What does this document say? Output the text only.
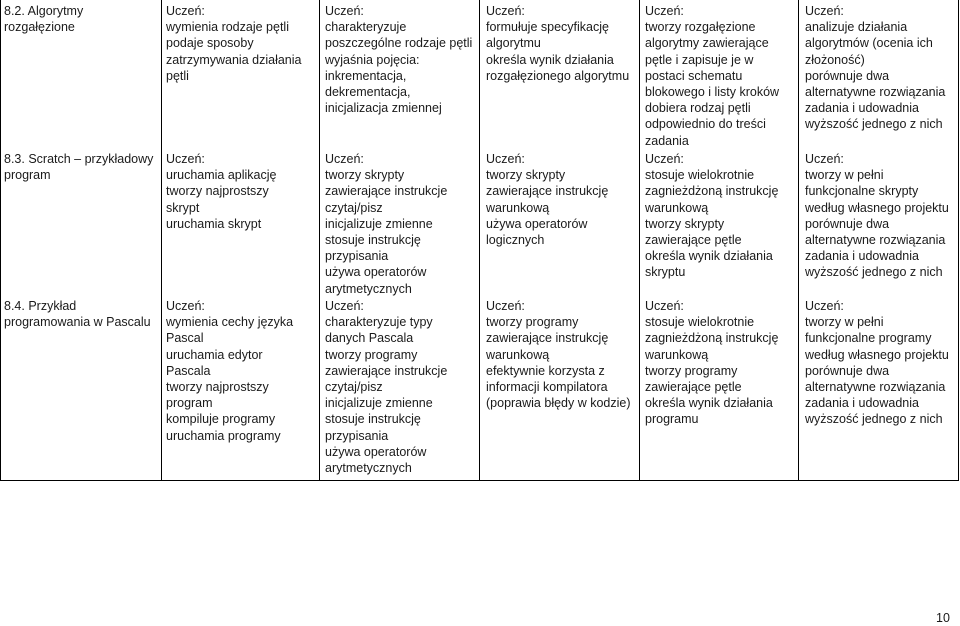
8.2. Algorytmy
rozgałęzione
Uczeń:
wymienia rodzaje pętli
podaje sposoby
zatrzymywania działania
pętli
Uczeń:
charakteryzuje
poszczególne rodzaje pętli
wyjaśnia pojęcia:
inkrementacja,
dekrementacja,
inicjalizacja zmiennej
Uczeń:
formułuje specyfikację
algorytmu
określa wynik działania
rozgałęzionego algorytmu
Uczeń:
tworzy rozgałęzione
algorytmy zawierające
pętle i zapisuje je w
postaci schematu
blokowego i listy kroków
dobiera rodzaj pętli
odpowiednio do treści
zadania
Uczeń:
analizuje działania
algorytmów (ocenia ich
złożoność)
porównuje dwa
alternatywne rozwiązania
zadania i udowadnia
wyższość jednego z nich
8.3. Scratch – przykładowy
program
Uczeń:
uruchamia aplikację
tworzy najprostszy
skrypt
uruchamia skrypt
Uczeń:
tworzy skrypty
zawierające instrukcje
czytaj/pisz
inicjalizuje zmienne
stosuje instrukcję
przypisania
używa operatorów
arytmetycznych
Uczeń:
tworzy skrypty
zawierające instrukcję
warunkową
używa operatorów
logicznych
Uczeń:
stosuje wielokrotnie
zagnieżdżoną instrukcję
warunkową
tworzy skrypty
zawierające pętle
określa wynik działania
skryptu
Uczeń:
tworzy w pełni
funkcjonalne skrypty
według własnego projektu
porównuje dwa
alternatywne rozwiązania
zadania i udowadnia
wyższość jednego z nich
8.4. Przykład
programowania w Pascalu
Uczeń:
wymienia cechy języka
Pascal
uruchamia edytor
Pascala
tworzy najprostszy
program
kompiluje programy
uruchamia programy
Uczeń:
charakteryzuje typy
danych Pascala
tworzy programy
zawierające instrukcje
czytaj/pisz
inicjalizuje zmienne
stosuje instrukcję
przypisania
używa operatorów
arytmetycznych
Uczeń:
tworzy programy
zawierające instrukcję
warunkową
efektywnie korzysta z
informacji kompilatora
(poprawia błędy w kodzie)
Uczeń:
stosuje wielokrotnie
zagnieżdżoną instrukcję
warunkową
tworzy programy
zawierające pętle
określa wynik działania
programu
Uczeń:
tworzy w pełni
funkcjonalne programy
według własnego projektu
porównuje dwa
alternatywne rozwiązania
zadania i udowadnia
wyższość jednego z nich
10
